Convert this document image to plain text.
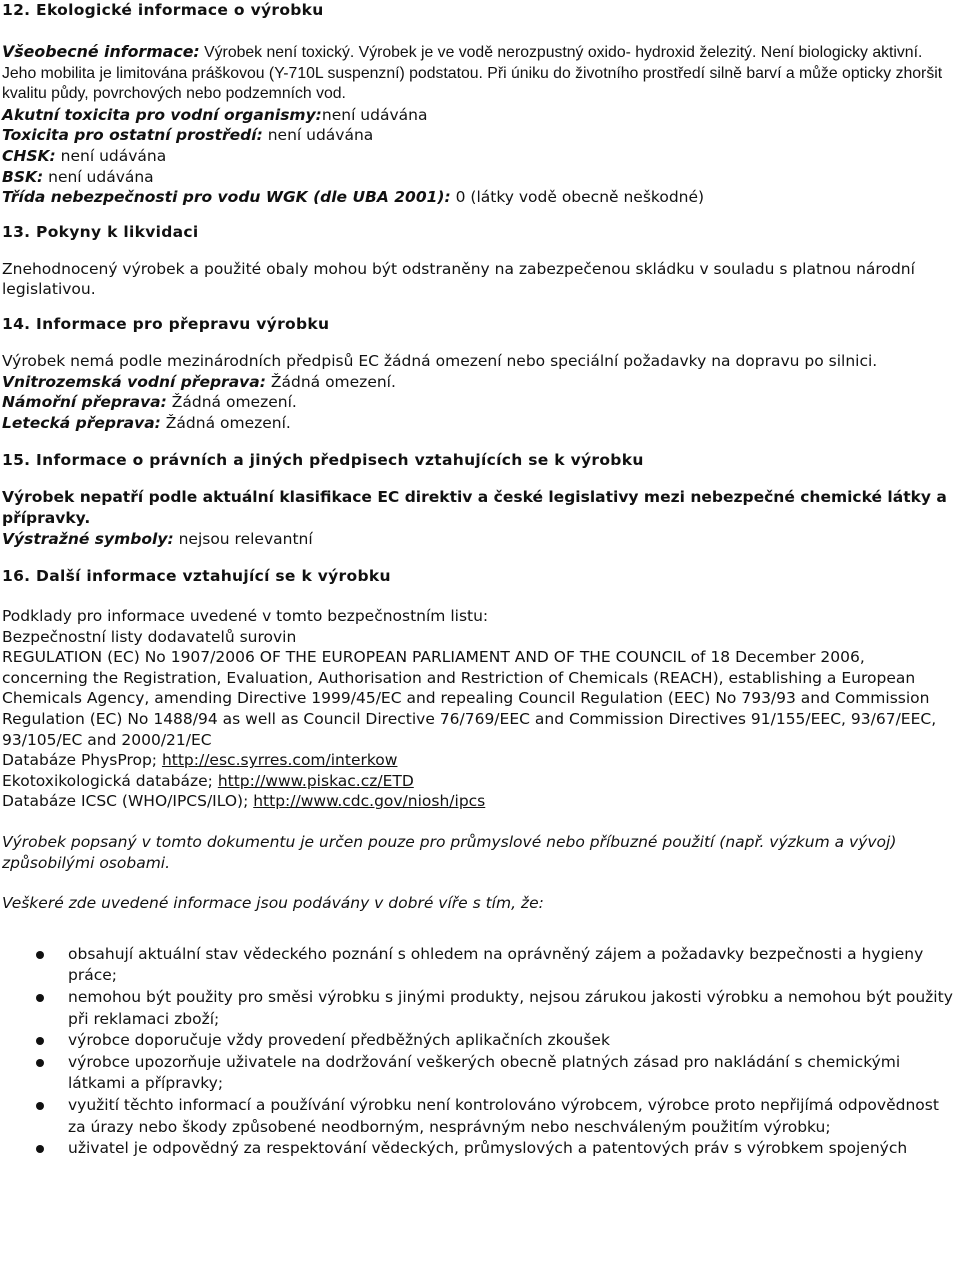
12. Ekologické informace o výrobku
Všeobecné informace: Výrobek není toxický. Výrobek je ve vodě nerozpustný oxido- hydroxid železitý. Není biologicky aktivní. Jeho mobilita je limitována práškovou (Y-710L suspenzní) podstatou. Při úniku do životního prostředí silně barví a může opticky zhoršit kvalitu půdy, povrchových nebo podzemních vod.
Akutní toxicita pro vodní organismy:není udávána
Toxicita pro ostatní prostředí: není udávána
CHSK: není udávána
BSK: není udávána
Třída nebezpečnosti pro vodu WGK (dle UBA 2001): 0 (látky vodě obecně neškodné)
13. Pokyny k likvidaci
Znehodnocený výrobek a použité obaly mohou být odstraněny na zabezpečenou skládku v souladu s platnou národní legislativou.
14. Informace pro přepravu výrobku
Výrobek nemá podle mezinárodních předpisů EC žádná omezení nebo speciální požadavky na dopravu po silnici.
Vnitrozemská vodní přeprava: Žádná omezení.
Námořní přeprava: Žádná omezení.
Letecká přeprava: Žádná omezení.
15. Informace o právních a jiných předpisech vztahujících se k výrobku
Výrobek nepatří podle aktuální klasifikace EC direktiv a české legislativy mezi nebezpečné chemické látky a přípravky.
Výstražné symboly: nejsou relevantní
16. Další informace vztahující se k výrobku
Podklady pro informace uvedené v tomto bezpečnostním listu:
Bezpečnostní listy dodavatelů surovin
REGULATION (EC) No 1907/2006 OF THE EUROPEAN PARLIAMENT AND OF THE COUNCIL of 18 December 2006, concerning the Registration, Evaluation, Authorisation and Restriction of Chemicals (REACH), establishing a European Chemicals Agency, amending Directive 1999/45/EC and repealing Council Regulation (EEC) No 793/93 and Commission Regulation (EC) No 1488/94 as well as Council Directive 76/769/EEC and Commission Directives 91/155/EEC, 93/67/EEC, 93/105/EC and 2000/21/EC
Databáze PhysProp; http://esc.syrres.com/interkow
Ekotoxikologická databáze; http://www.piskac.cz/ETD
Databáze ICSC (WHO/IPCS/ILO); http://www.cdc.gov/niosh/ipcs
Výrobek popsaný v tomto dokumentu je určen pouze pro průmyslové nebo příbuzné použití (např. výzkum a vývoj) způsobilými osobami.
Veškeré zde uvedené informace jsou podávány v dobré víře s tím, že:
obsahují aktuální stav vědeckého poznání s ohledem na oprávněný zájem a požadavky bezpečnosti a hygieny práce;
nemohou být použity pro směsi výrobku s jinými produkty, nejsou zárukou jakosti výrobku a nemohou být použity při reklamaci zboží;
výrobce doporučuje vždy provedení předběžných aplikačních zkoušek
výrobce upozorňuje uživatele na dodržování veškerých obecně platných zásad pro nakládání s chemickými látkami a přípravky;
využití těchto informací a používání výrobku není kontrolováno výrobcem, výrobce proto nepřijímá odpovědnost za úrazy nebo škody způsobené neodborným, nesprávným nebo neschváleným použitím výrobku;
uživatel je odpovědný za respektování vědeckých, průmyslových a patentových práv s výrobkem spojených
